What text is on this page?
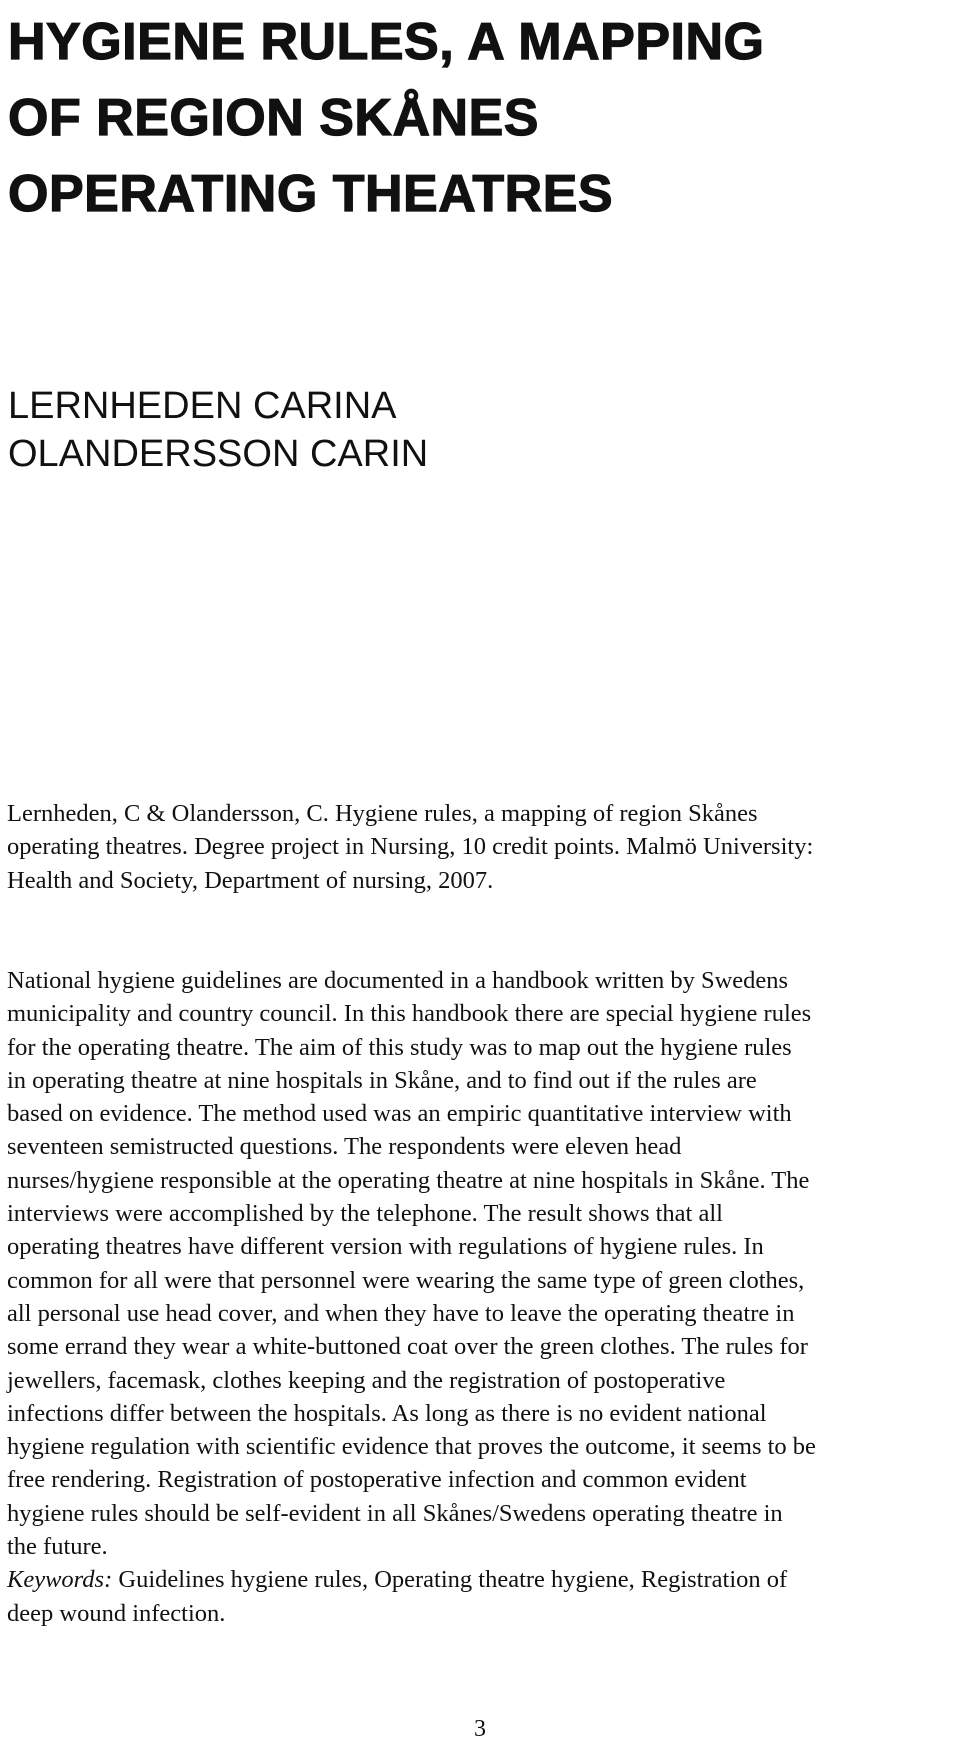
HYGIENE RULES, A MAPPING
OF REGION SKÅNES
OPERATING THEATRES
LERNHEDEN CARINA
OLANDERSSON CARIN

Lernheden, C & Olandersson, C. Hygiene rules, a mapping of region Skånes
operating theatres. Degree project in Nursing, 10 credit points. Malmö University:
Health and Society, Department of nursing, 2007.

National hygiene guidelines are documented in a handbook written by Swedens
municipality and country council. In this handbook there are special hygiene rules
for the operating theatre. The aim of this study was to map out the hygiene rules
in operating theatre at nine hospitals in Skåne, and to find out if the rules are
based on evidence. The method used was an empiric quantitative interview with
seventeen semistructed questions. The respondents were eleven head
nurses/hygiene responsible at the operating theatre at nine hospitals in Skåne. The
interviews were accomplished by the telephone. The result shows that all
operating theatres have different version with regulations of hygiene rules. In
common for all were that personnel were wearing the same type of green clothes,
all personal use head cover, and when they have to leave the operating theatre in
some errand they wear a white-buttoned coat over the green clothes. The rules for
jewellers, facemask, clothes keeping and the registration of postoperative
infections differ between the hospitals. As long as there is no evident national
hygiene regulation with scientific evidence that proves the outcome, it seems to be
free rendering. Registration of postoperative infection and common evident
hygiene rules should be self-evident in all Skånes/Swedens operating theatre in
the future.
Keywords: Guidelines hygiene rules, Operating theatre hygiene, Registration of
deep wound infection.
3
